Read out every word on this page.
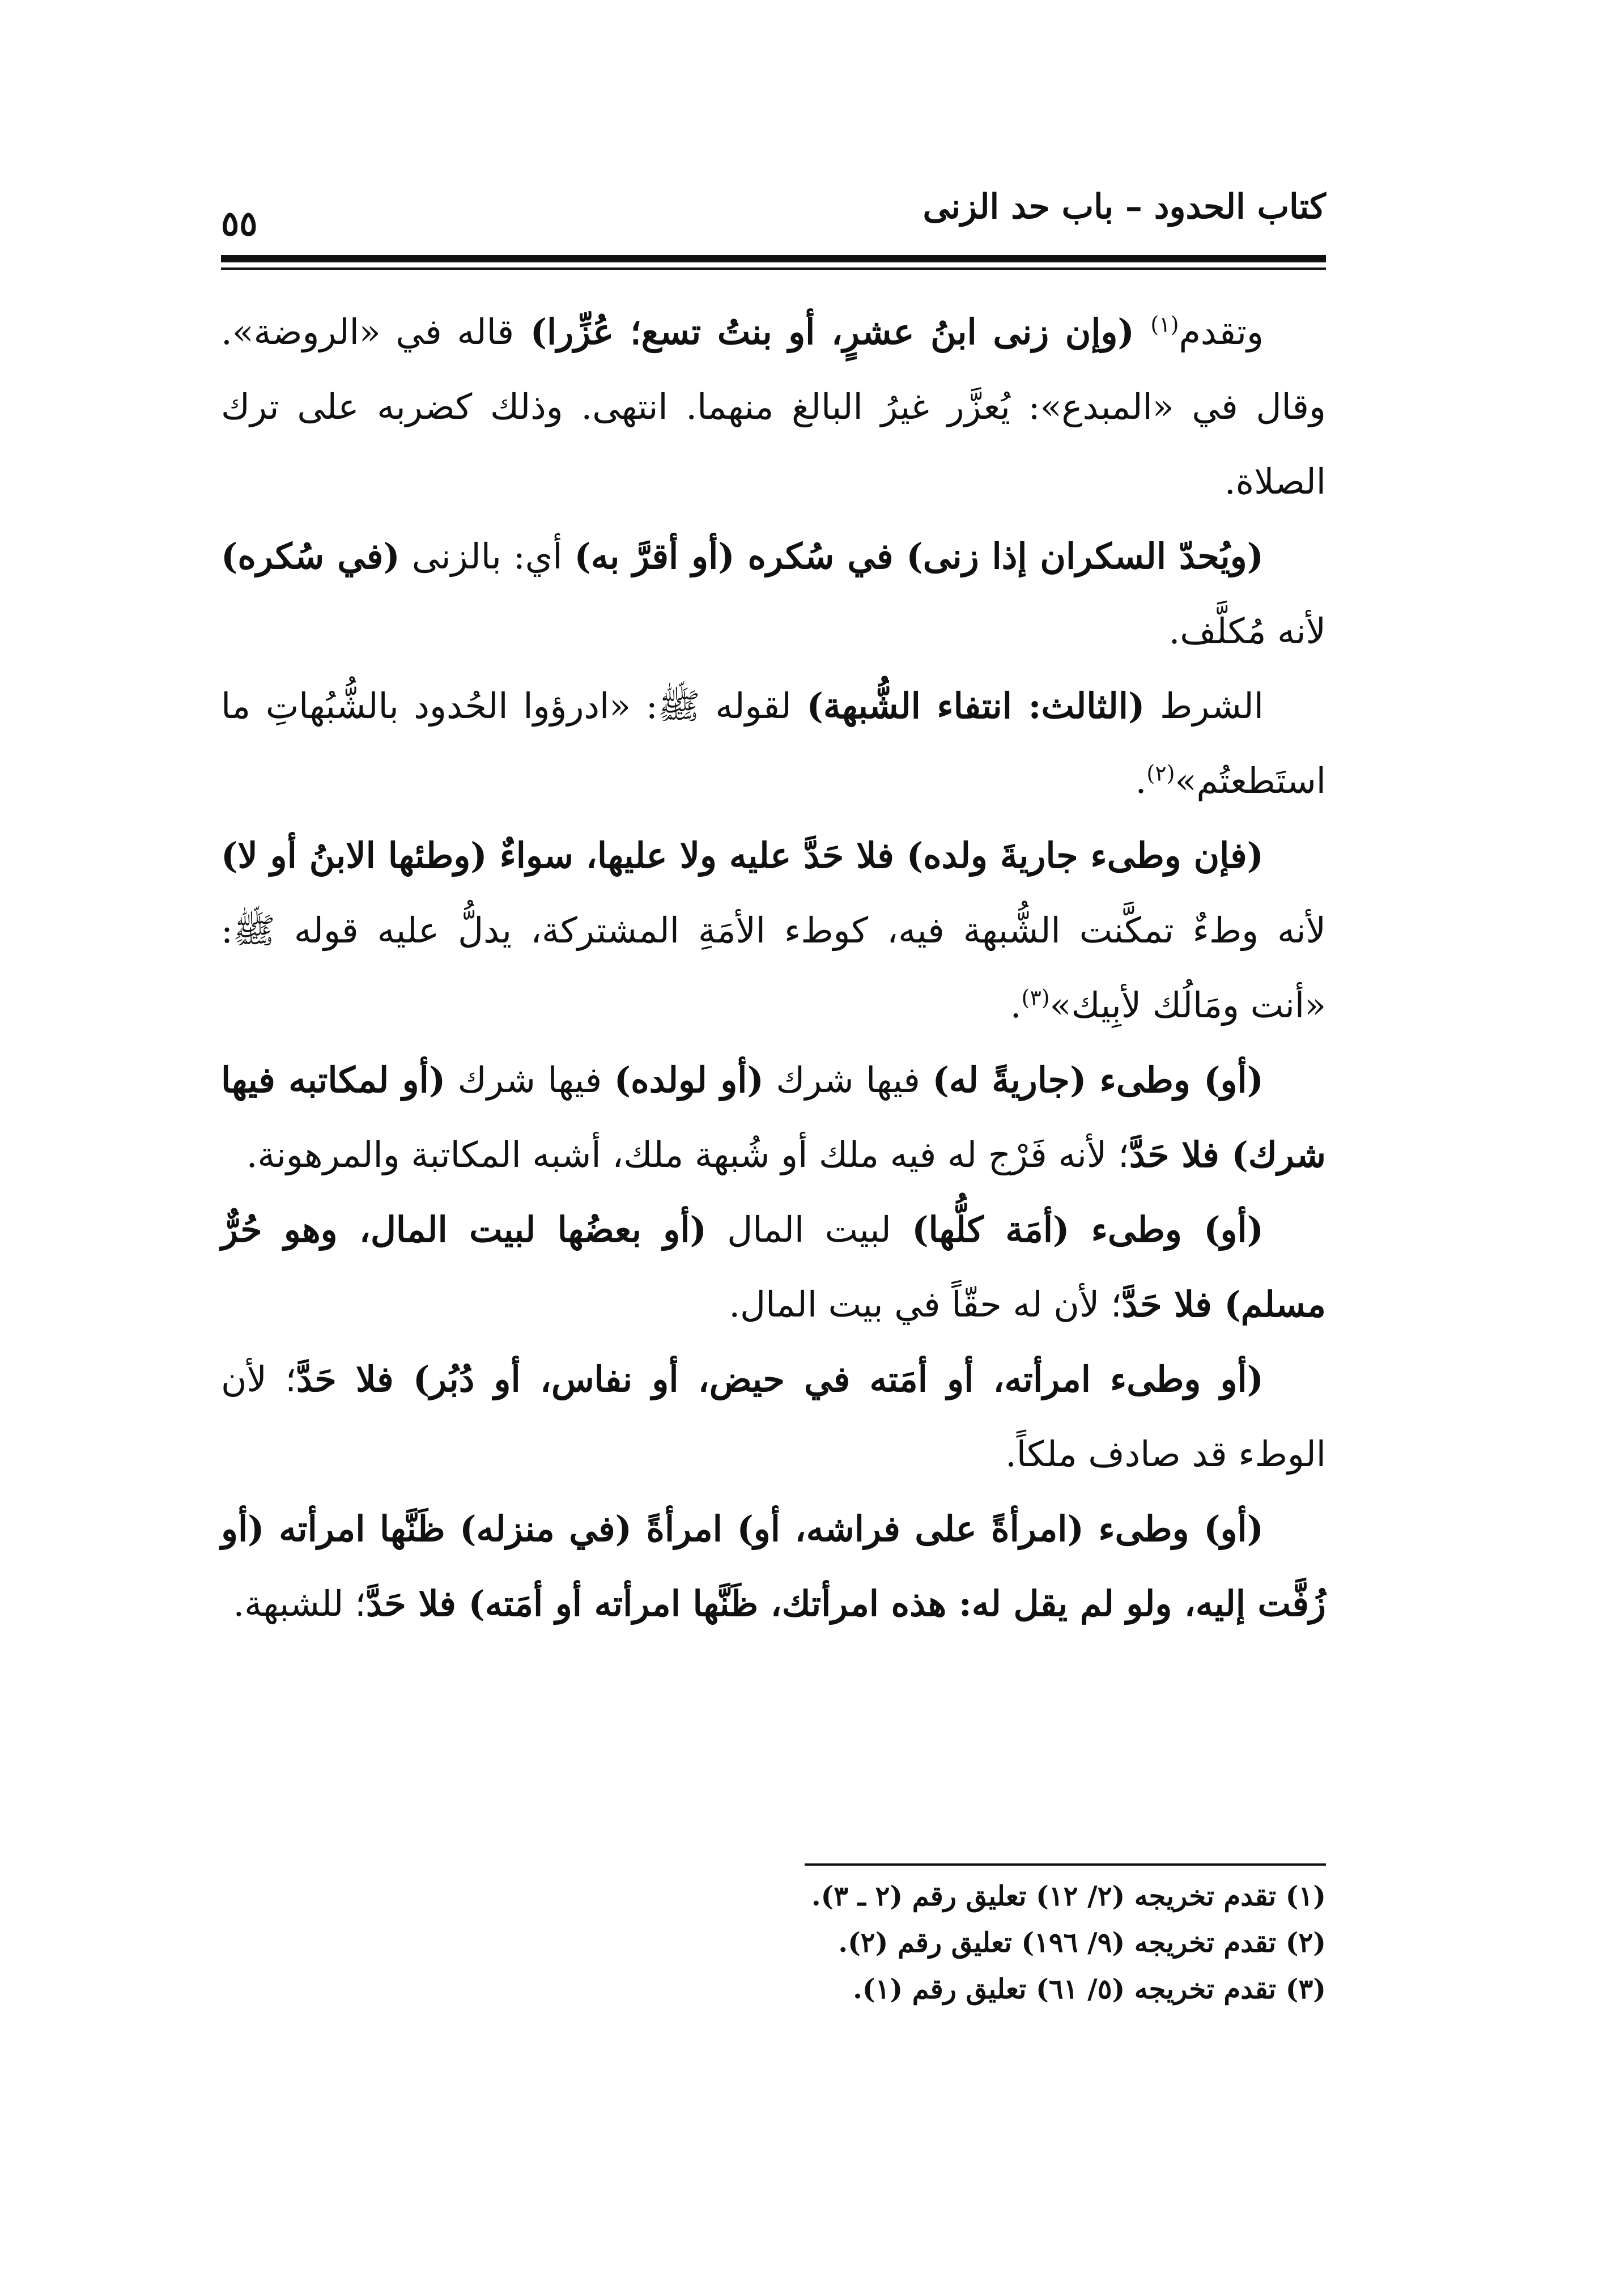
كتاب الحدود – باب حد الزنى
٥٥

وتقدم$^{(١)}$ (وإن زنى ابنُ عشرٍ، أو بنتُ تسع؛ عُزِّرا) قاله في «الروضة». وقال في «المبدع»: يُعزَّر غيرُ البالغ منهما. انتهى. وذلك كضربه على ترك الصلاة.

(ويُحدّ السكران إذا زنى) في سُكره (أو أقرَّ به) أي: بالزنى (في سُكره) لأنه مُكلَّف.

الشرط (الثالث: انتفاء الشُّبهة) لقوله ﷺ: «ادرؤوا الحُدود بالشُّبُهاتِ ما استَطعتُم»$^{(٢)}$.

(فإن وطىء جاريةَ ولده) فلا حَدَّ عليه ولا عليها، سواءٌ (وطئها الابنُ أو لا) لأنه وطءٌ تمكَّنت الشُّبهة فيه، كوطء الأمَةِ المشتركة، يدلُّ عليه قوله ﷺ: «أنت ومَالُك لأبِيك»$^{(٣)}$.

(أو) وطىء (جاريةً له) فيها شرك (أو لولده) فيها شرك (أو لمكاتبه فيها شرك) فلا حَدَّ؛ لأنه فَرْج له فيه ملك أو شُبهة ملك، أشبه المكاتبة والمرهونة.

(أو) وطىء (أمَة كلُّها) لبيت المال (أو بعضُها لبيت المال، وهو حُرٌّ مسلم) فلا حَدَّ؛ لأن له حقّاً في بيت المال.

(أو وطىء امرأته، أو أمَته في حيض، أو نفاس، أو دُبُر) فلا حَدَّ؛ لأن الوطء قد صادف ملكاً.

(أو) وطىء (امرأةً على فراشه، أو) امرأةً (في منزله) ظَنَّها امرأته (أو زُفَّت إليه، ولو لم يقل له: هذه امرأتك، ظَنَّها امرأته أو أمَته) فلا حَدَّ؛ للشبهة.

(١) تقدم تخريجه (٢/ ١٢) تعليق رقم (٢ ـ ٣).

(٢) تقدم تخريجه (٩/ ١٩٦) تعليق رقم (٢).

(٣) تقدم تخريجه (٥/ ٦١) تعليق رقم (١).
